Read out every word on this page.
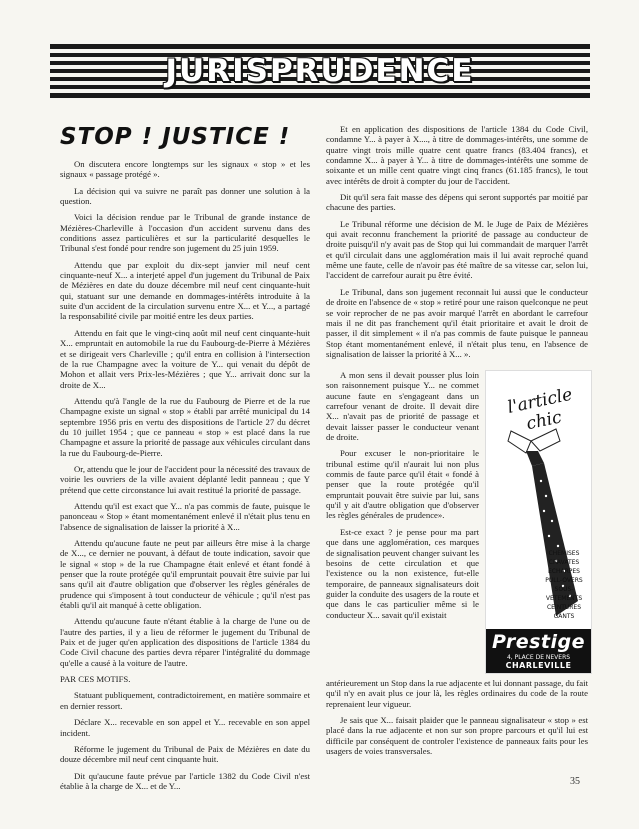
JURISPRUDENCE
STOP ! JUSTICE !

On discutera encore longtemps sur les signaux « stop » et les signaux « passage protégé ».

La décision qui va suivre ne paraît pas donner une solution à la question.

Voici la décision rendue par le Tribunal de grande instance de Mézières-Charleville à l'occasion d'un accident survenu dans des conditions assez particulières et sur la particularité desquelles le Tribunal s'est fondé pour rendre son jugement du 25 juin 1959.

Attendu que par exploit du dix-sept janvier mil neuf cent cinquante-neuf X... a interjeté appel d'un jugement du Tribunal de Paix de Mézières en date du douze décembre mil neuf cent cinquante-huit qui, statuant sur une demande en dommages-intérêts introduite à la suite d'un accident de la circulation survenu entre X... et Y..., a partagé la responsabilité civile par moitié entre les deux parties.

Attendu en fait que le vingt-cinq août mil neuf cent cinquante-huit X... empruntait en automobile la rue du Faubourg-de-Pierre à Mézières et se dirigeait vers Charleville ; qu'il entra en collision à l'intersection de la rue Champagne avec la voiture de Y... qui venait du dépôt de Mohon et allait vers Prix-les-Mézières ; que Y... arrivait donc sur la droite de X...

Attendu qu'à l'angle de la rue du Faubourg de Pierre et de la rue Champagne existe un signal « stop » établi par arrêté municipal du 14 septembre 1956 pris en vertu des dispositions de l'article 27 du décret du 10 juillet 1954 ; que ce panneau « stop » est placé dans la rue Champagne et assure la priorité de passage aux véhicules circulant dans la rue du Faubourg-de-Pierre.

Or, attendu que le jour de l'accident pour la nécessité des travaux de voirie les ouvriers de la ville avaient déplanté ledit panneau ; que Y prétend que cette circonstance lui avait restitué la priorité de passage.

Attendu qu'il est exact que Y... n'a pas commis de faute, puisque le panonceau « Stop » étant momentanément enlevé il n'était plus tenu en l'absence de signalisation de laisser la priorité à X...

Attendu qu'aucune faute ne peut par ailleurs être mise à la charge de X..., ce dernier ne pouvant, à défaut de toute indication, savoir que le signal « stop » de la rue Champagne était enlevé et étant fondé à penser que la route protégée qu'il empruntait pouvait être suivie par lui sans qu'il ait d'autre obligation que d'observer les règles générales de prudence qui s'imposent à tout conducteur de véhicule ; qu'il n'est pas établi qu'il ait manqué à cette obligation.

Attendu qu'aucune faute n'étant établie à la charge de l'une ou de l'autre des parties, il y a lieu de réformer le jugement du Tribunal de Paix et de juger qu'en application des dispositions de l'article 1384 du Code Civil chacune des parties devra réparer l'intégralité du dommage qu'elle a causé à la voiture de l'autre.

PAR CES MOTIFS.

Statuant publiquement, contradictoirement, en matière sommaire et en dernier ressort.

Déclare X... recevable en son appel et Y... recevable en son appel incident.

Réforme le jugement du Tribunal de Paix de Mézières en date du douze décembre mil neuf cent cinquante huit.

Dit qu'aucune faute prévue par l'article 1382 du Code Civil n'est établie à la charge de X... et de Y...

Et en application des dispositions de l'article 1384 du Code Civil, condamne Y... à payer à X...., à titre de dommages-intérêts, une somme de quatre vingt trois mille quatre cent quatre francs (83.404 francs), et condamne X... à payer à Y... à titre de dommages-intérêts une somme de soixante et un mille cent quatre vingt cinq francs (61.185 francs), le tout avec intérêts de droit à compter du jour de l'accident.

Dit qu'il sera fait masse des dépens qui seront supportés par moitié par chacune des parties.

Le Tribunal réforme une décision de M. le Juge de Paix de Mézières qui avait reconnu franchement la priorité de passage au conducteur de droite puisqu'il n'y avait pas de Stop qui lui commandait de marquer l'arrêt et qu'il circulait dans une agglomération mais il lui avait reproché quand même une faute, celle de n'avoir pas été maître de sa vitesse car, selon lui, l'accident de carrefour aurait pu être évité.

Le Tribunal, dans son jugement reconnait lui aussi que le conducteur de droite en l'absence de « stop » retiré pour une raison quelconque ne peut se voir reprocher de ne pas avoir marqué l'arrêt en abordant le carrefour mais il ne dit pas franchement qu'il était prioritaire et avait le droit de passer, il dit simplement « il n'a pas commis de faute puisque le panneau Stop étant momentanément enlevé, il n'était plus tenu, en l'absence de signalisation de laisser la priorité à X... ».

A mon sens il devait pousser plus loin son raisonnement puisque Y... ne commet aucune faute en s'engageant dans un carrefour venant de droite. Il devait dire X... n'avait pas de priorité de passage et devait laisser passer le conducteur venant de droite.

Pour excuser le non-prioritaire le tribunal estime qu'il n'aurait lui non plus commis de faute parce qu'il était « fondé à penser que la route protégée qu'il empruntait pouvait être suivie par lui, sans qu'il y ait d'autre obligation que d'observer les règles générales de prudence».

Est-ce exact ? je pense pour ma part que dans une agglomération, ces marques de signalisation peuvent changer suivant les besoins de cette circulation et que l'existence ou la non existence, fut-elle temporaire, de panneaux signalisateurs doit guider la conduite des usagers de la route et que dans le cas particulier même si le conducteur X... savait qu'il existait

l'article chic
CHEMISES
CRAVATES
ECHARPES
PULL-OVERS
SOUS-VETEMENTS
CEINTURES
GANTS
Prestige
4, PLACE DE NEVERS
CHARLEVILLE

antérieurement un Stop dans la rue adjacente et lui donnant passage, du fait qu'il n'y en avait plus ce jour là, les règles ordinaires du code de la route reprenaient leur vigueur.

Je sais que X... faisait plaider que le panneau signalisateur « stop » est placé dans la rue adjacente et non sur son propre parcours et qu'il lui est difficile par conséquent de controler l'existence de panneaux faits pour les usagers de voies transversales.

35
